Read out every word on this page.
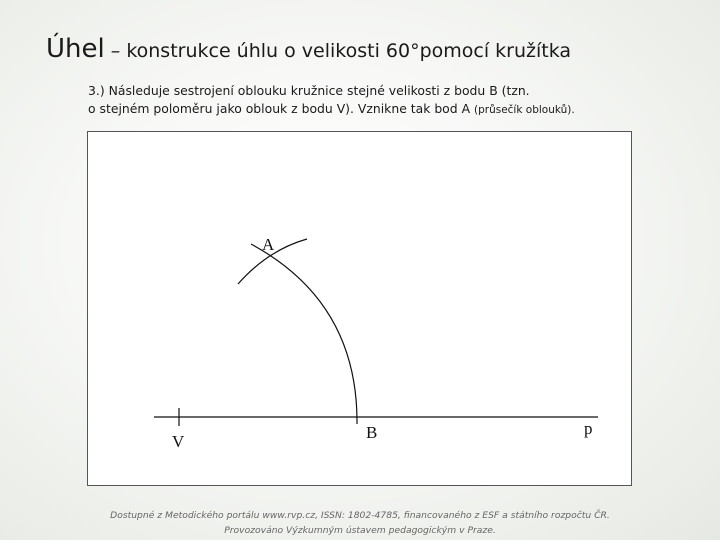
Úhel – konstrukce úhlu o velikosti 60°pomocí kružítka
3.) Následuje sestrojení oblouku kružnice stejné velikosti z bodu B (tzn.
o stejném poloměru jako oblouk z bodu V). Vznikne tak bod A (průsečík oblouků).
A
V	B	p
Dostupné z Metodického portálu www.rvp.cz, ISSN: 1802-4785, financovaného z ESF a státního rozpočtu ČR.
Provozováno Výzkumným ústavem pedagogickým v Praze.
